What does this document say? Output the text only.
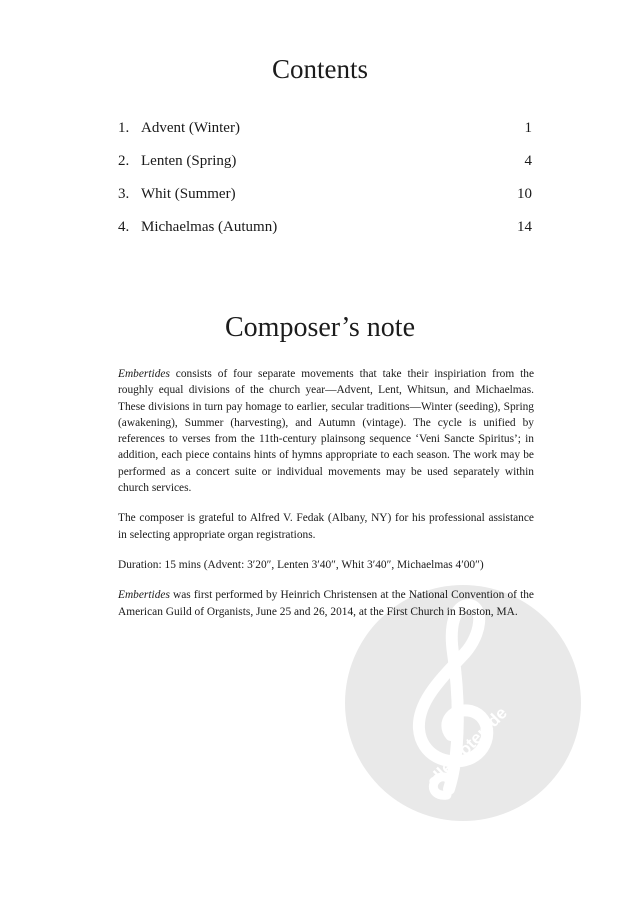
Contents
1. Advent (Winter)	1
2. Lenten (Spring)	4
3. Whit (Summer)	10
4. Michaelmas (Autumn)	14
Composer’s note
alle-noten.de

Embertides consists of four separate movements that take their inspiriation from the roughly equal divisions of the church year—Advent, Lent, Whitsun, and Michaelmas. These divisions in turn pay homage to earlier, secular traditions—Winter (seeding), Spring (awakening), Summer (harvesting), and Autumn (vintage). The cycle is unified by references to verses from the 11th-century plainsong sequence ‘Veni Sancte Spiritus’; in addition, each piece contains hints of hymns appropriate to each season. The work may be performed as a concert suite or individual movements may be used separately within church services.

The composer is grateful to Alfred V. Fedak (Albany, NY) for his professional assistance in selecting appropriate organ registrations.

Duration: 15 mins (Advent: 3′20″, Lenten 3′40″, Whit 3′40″, Michaelmas 4′00″)

Embertides was first performed by Heinrich Christensen at the National Convention of the American Guild of Organists, June 25 and 26, 2014, at the First Church in Boston, MA.
